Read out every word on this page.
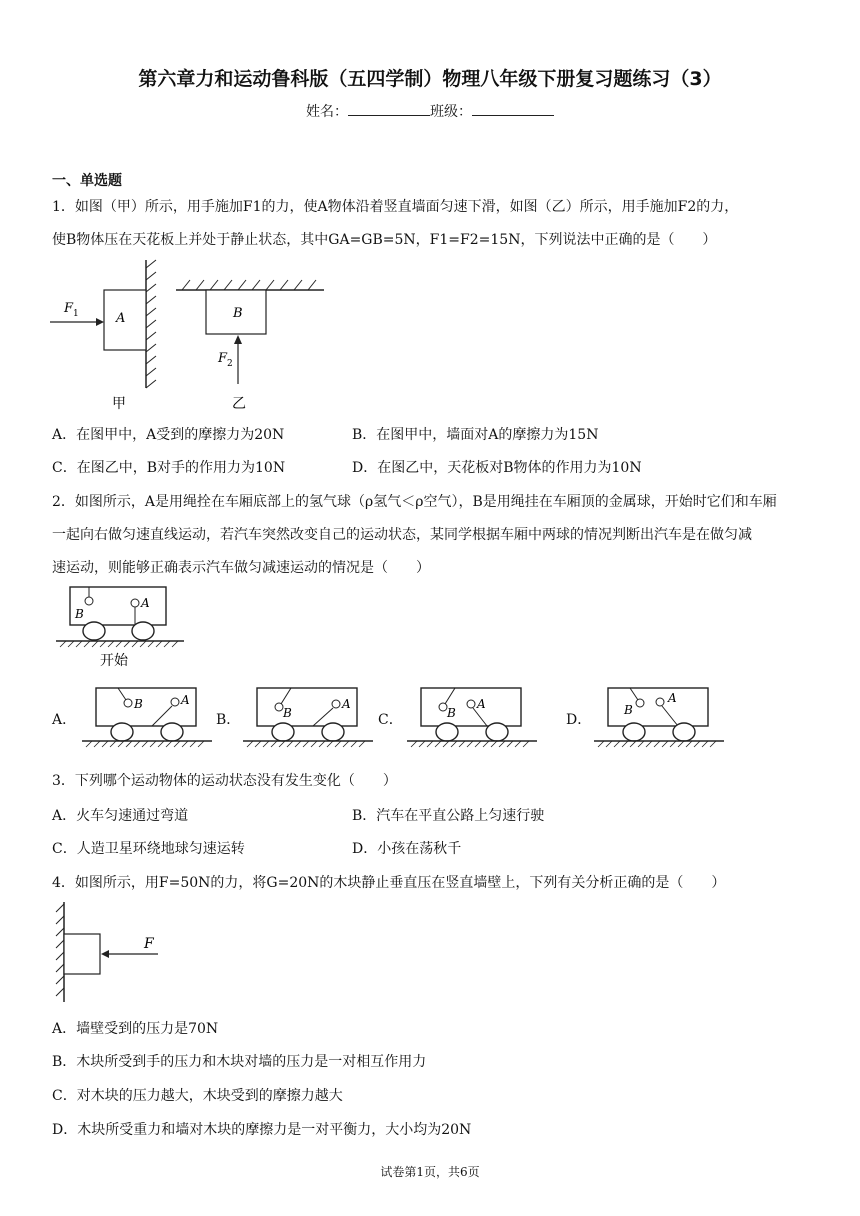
第六章力和运动鲁科版（五四学制）物理八年级下册复习题练习（3）
姓名：	班级：
一、单选题
1．如图（甲）所示，用手施加F1的力，使A物体沿着竖直墙面匀速下滑，如图（乙）所示，用手施加F2的力，
使B物体压在天花板上并处于静止状态，其中GA=GB=5N，F1=F2=15N，下列说法中正确的是（　　）
A
F 1
甲
B
F 2
乙
A．在图甲中，A受到的摩擦力为20N	B．在图甲中，墙面对A的摩擦力为15N
C．在图乙中，B对手的作用力为10N	D．在图乙中，天花板对B物体的作用力为10N
2．如图所示，A是用绳拴在车厢底部上的氢气球（ρ氢气＜ρ空气），B是用绳挂在车厢顶的金属球，开始时它们和车厢
一起向右做匀速直线运动，若汽车突然改变自己的运动状态，某同学根据车厢中两球的情况判断出汽车是在做匀减
速运动，则能够正确表示汽车做匀减速运动的情况是（　　）
B
A
开始
A．	B．	C．	D．
B	A
B
A
B
A	B
A
3．下列哪个运动物体的运动状态没有发生变化（　　）
A．火车匀速通过弯道	B．汽车在平直公路上匀速行驶
C．人造卫星环绕地球匀速运转	D．小孩在荡秋千
4．如图所示，用F=50N的力，将G=20N的木块静止垂直压在竖直墙壁上，下列有关分析正确的是（　　）
F
A．墙壁受到的压力是70N
B．木块所受到手的压力和木块对墙的压力是一对相互作用力
C．对木块的压力越大，木块受到的摩擦力越大
D．木块所受重力和墙对木块的摩擦力是一对平衡力，大小均为20N
试卷第1页，共6页
